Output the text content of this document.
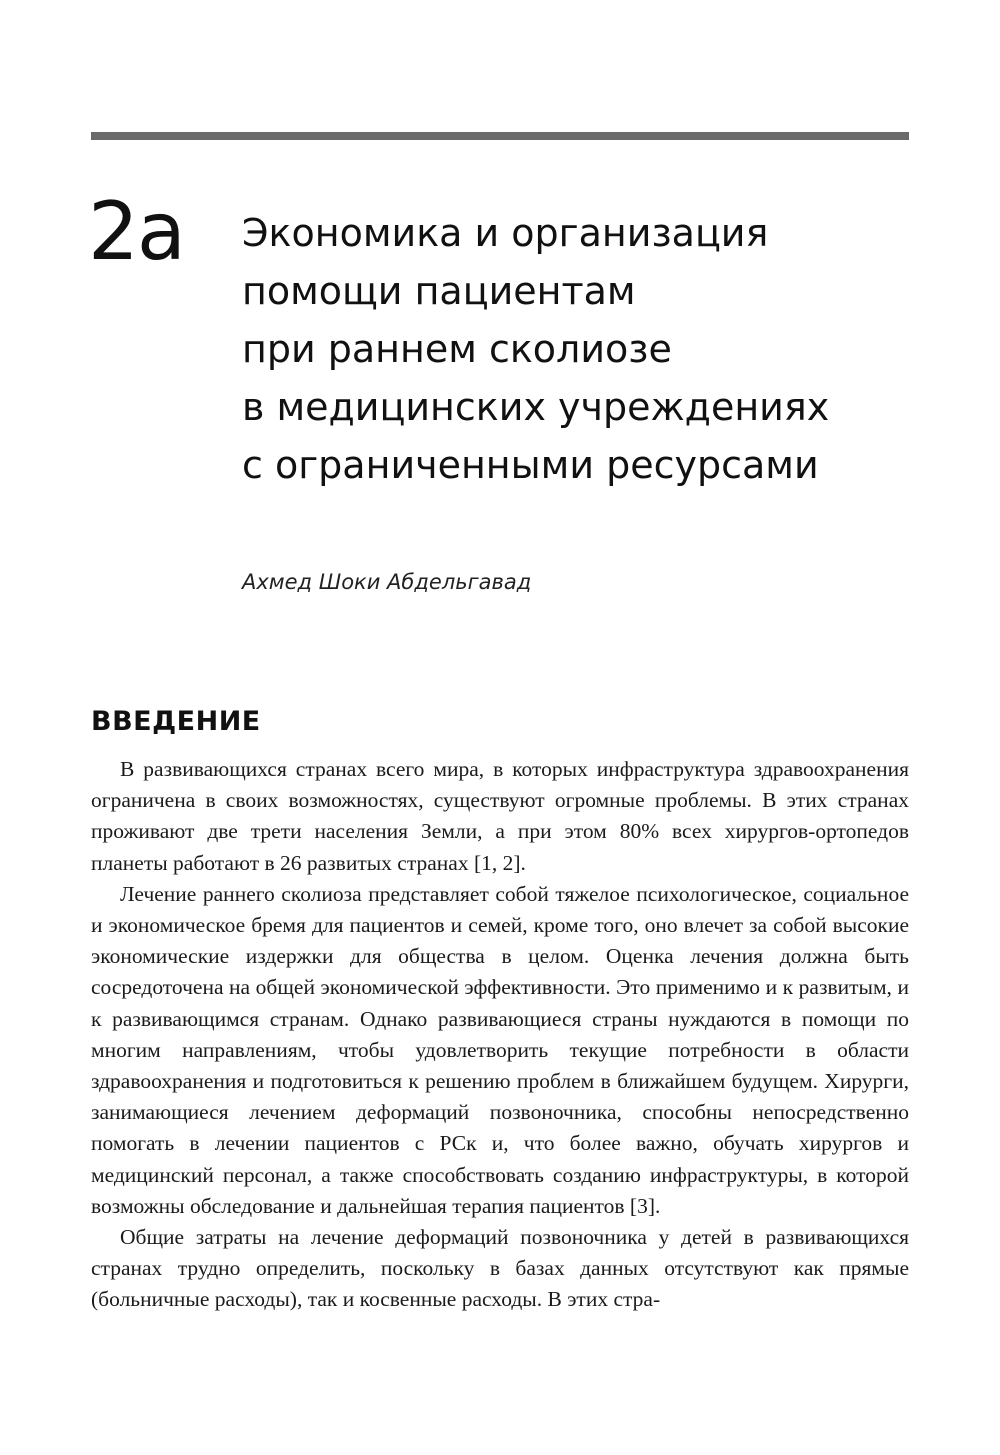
2а Экономика и организация
помощи пациентам
при раннем сколиозе
в медицинских учреждениях
с ограниченными ресурсами
Ахмед Шоки Абдельгавад
ВВЕДЕНИЕ

В развивающихся странах всего мира, в которых инфраструктура здравоохранения ограничена в своих возможностях, существуют огромные проблемы. В этих странах проживают две трети населения Земли, а при этом 80% всех хирургов-ортопедов планеты работают в 26 развитых странах [1, 2].

Лечение раннего сколиоза представляет собой тяжелое психологическое, социальное и экономическое бремя для пациентов и семей, кроме того, оно влечет за собой высокие экономические издержки для общества в целом. Оценка лечения должна быть сосредоточена на общей экономической эффективности. Это применимо и к развитым, и к развивающимся странам. Однако развивающиеся страны нуждаются в помощи по многим направлениям, чтобы удовлетворить текущие потребности в области здравоохранения и подготовиться к решению проблем в ближайшем будущем. Хирурги, занимающиеся лечением деформаций позвоночника, способны непосредственно помогать в лечении пациентов с РСк и, что более важно, обучать хирургов и медицинский персонал, а также способствовать созданию инфраструктуры, в которой возможны обследование и дальнейшая терапия пациентов [3].

Общие затраты на лечение деформаций позвоночника у детей в развивающихся странах трудно определить, поскольку в базах данных отсутствуют как прямые (больничные расходы), так и косвенные расходы. В этих стра-
